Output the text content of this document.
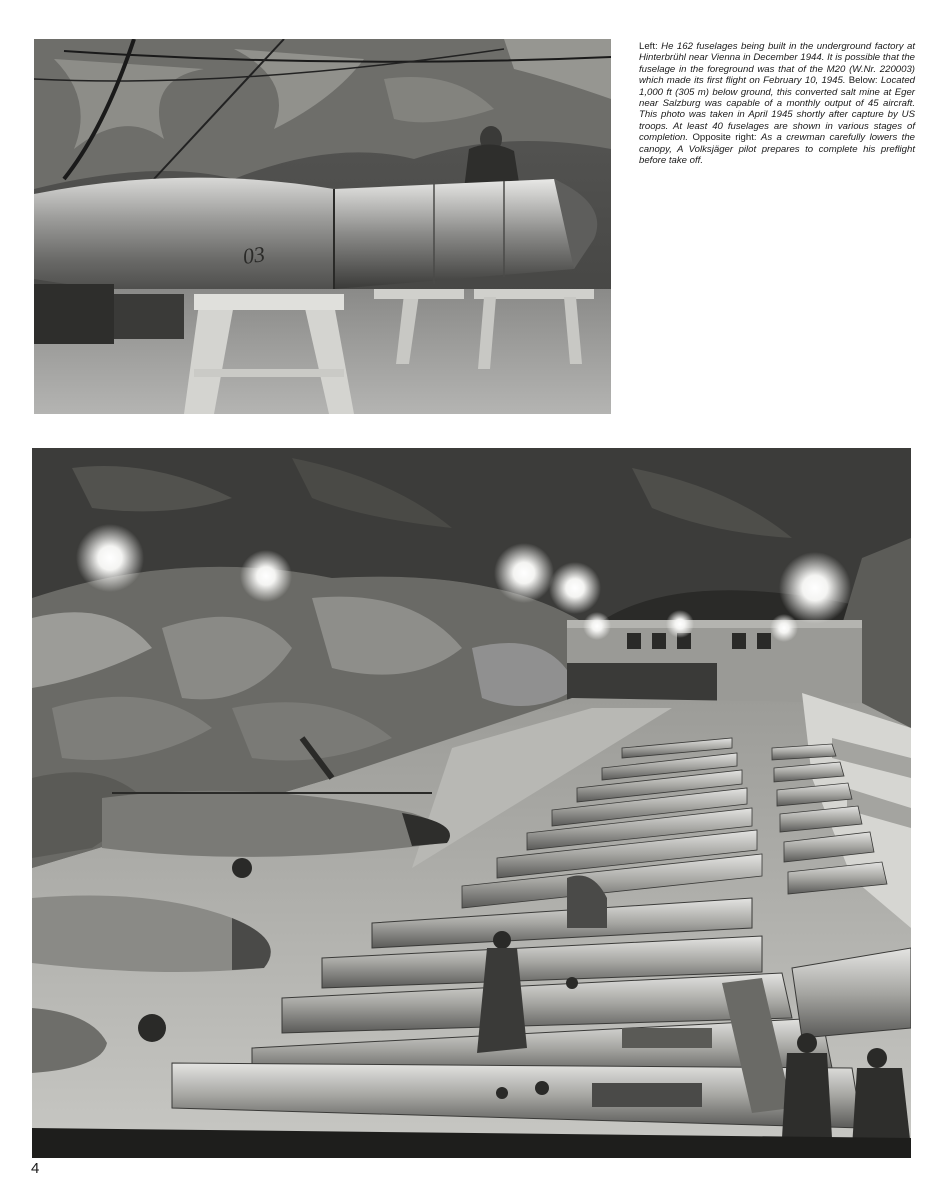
03
Left: He 162 fuselages being built in the underground factory at Hinterbrühl near Vienna in December 1944. It is possible that the fuselage in the foreground was that of the M20 (W.Nr. 220003) which made its first flight on February 10, 1945. Below: Located 1,000 ft (305 m) below ground, this converted salt mine at Eger near Salzburg was capable of a monthly output of 45 aircraft. This photo was taken in April 1945 shortly after capture by US troops. At least 40 fuselages are shown in various stages of completion. Opposite right: As a crewman carefully lowers the canopy, A Volksjäger pilot prepares to complete his preflight before take off.
4
